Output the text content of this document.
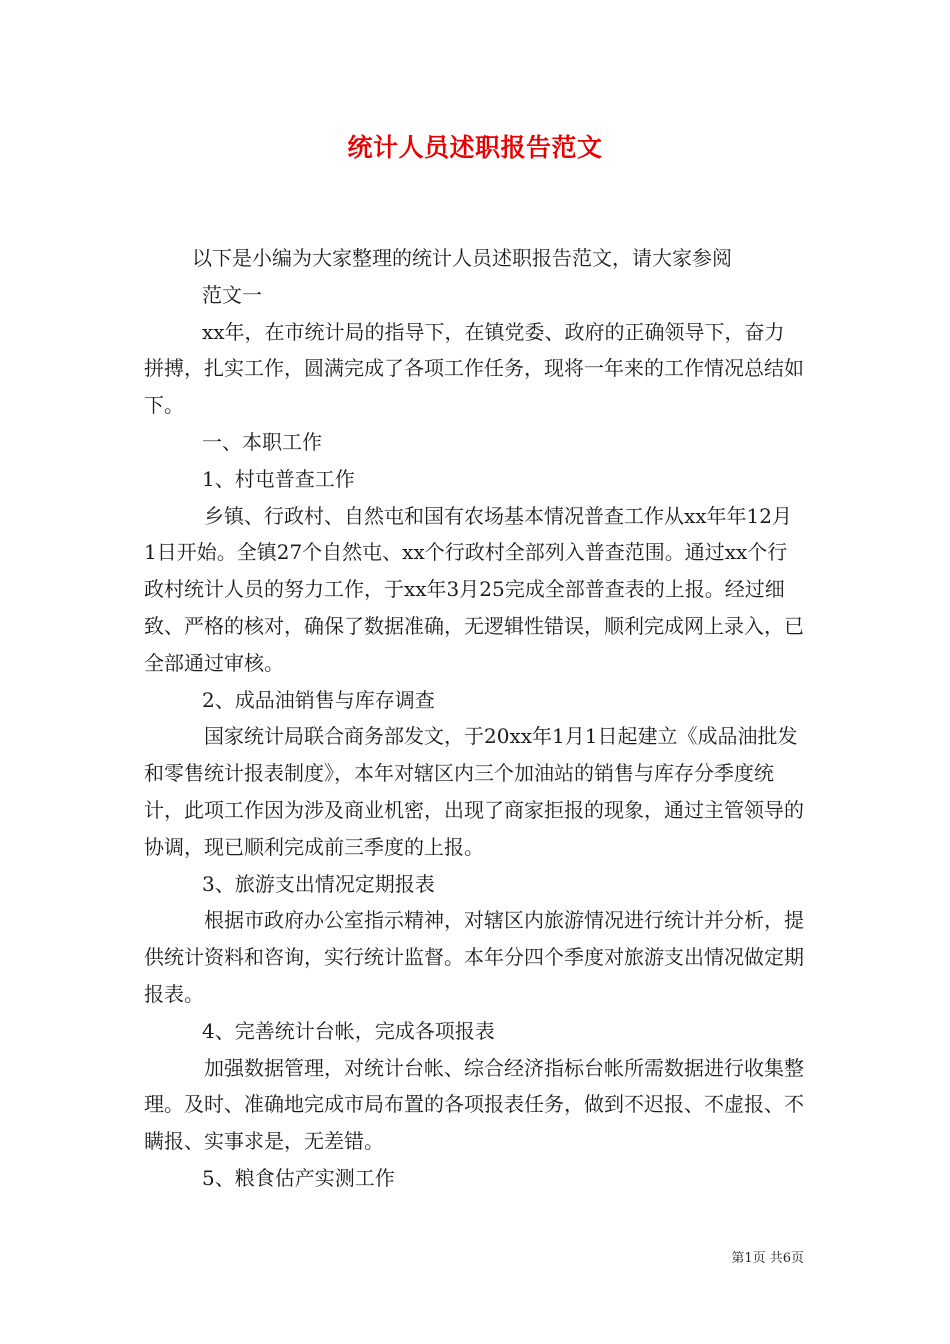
统计人员述职报告范文

以下是小编为大家整理的统计人员述职报告范文，请大家参阅

范文一

xx年，在市统计局的指导下，在镇党委、政府的正确领导下，奋力拼搏，扎实工作，圆满完成了各项工作任务，现将一年来的工作情况总结如下。

一、本职工作

1、村屯普查工作

乡镇、行政村、自然屯和国有农场基本情况普查工作从xx年年12月1日开始。全镇27个自然屯、xx个行政村全部列入普查范围。通过xx个行政村统计人员的努力工作，于xx年3月25完成全部普查表的上报。经过细致、严格的核对，确保了数据准确，无逻辑性错误，顺利完成网上录入，已全部通过审核。

2、成品油销售与库存调查

国家统计局联合商务部发文，于20xx年1月1日起建立《成品油批发和零售统计报表制度》，本年对辖区内三个加油站的销售与库存分季度统计，此项工作因为涉及商业机密，出现了商家拒报的现象，通过主管领导的协调，现已顺利完成前三季度的上报。

3、旅游支出情况定期报表

根据市政府办公室指示精神，对辖区内旅游情况进行统计并分析，提供统计资料和咨询，实行统计监督。本年分四个季度对旅游支出情况做定期报表。

4、完善统计台帐，完成各项报表

加强数据管理，对统计台帐、综合经济指标台帐所需数据进行收集整理。及时、准确地完成市局布置的各项报表任务，做到不迟报、不虚报、不瞒报、实事求是，无差错。

5、粮食估产实测工作

第1页 共6页
